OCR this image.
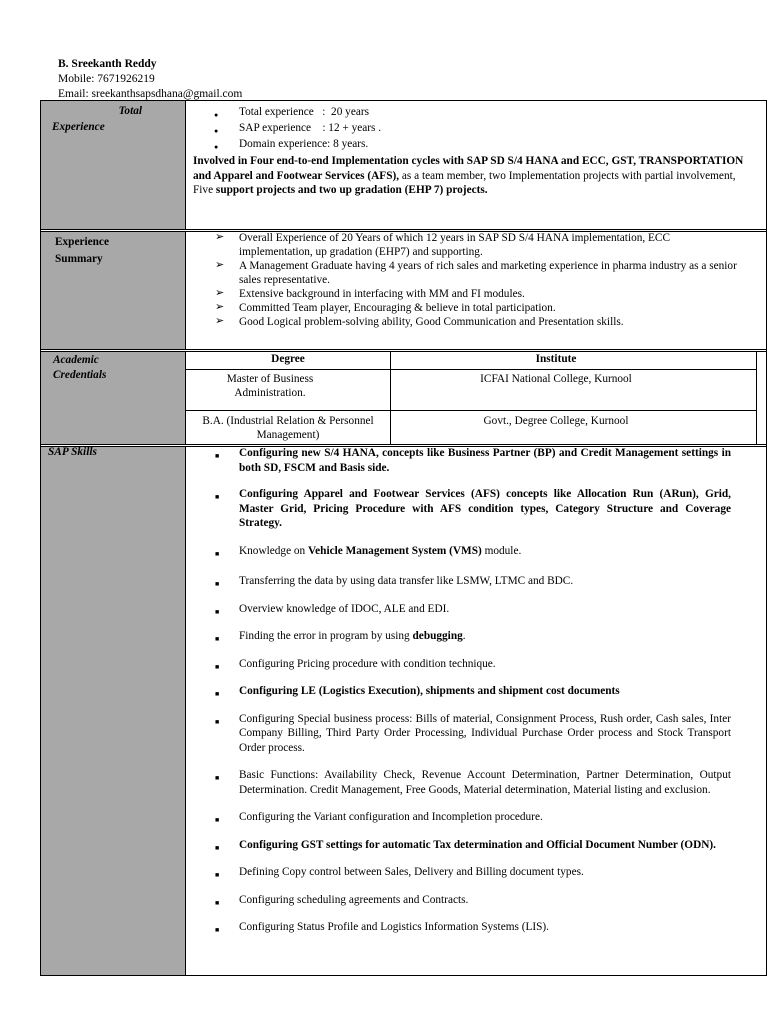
B. Sreekanth Reddy
Mobile: 7671926219
Email: sreekanthsapsdhana@gmail.com
Total
Experience
Experience
Summary
Academic
Credentials
SAP Skills
● Total experience   :  20 years
● SAP experience    : 12 + years .
● Domain experience: 8 years.
Involved in Four end-to-end Implementation cycles with SAP SD S/4 HANA and ECC, GST, TRANSPORTATION and Apparel and Footwear Services (AFS), as a team member, two Implementation projects with partial involvement, Five support projects and two up gradation (EHP 7) projects.
➢ Overall Experience of 20 Years of which 12 years in SAP SD S/4 HANA implementation, ECC implementation, up gradation (EHP7) and supporting.
➢ A Management Graduate having 4 years of rich sales and marketing experience in pharma industry as a senior sales representative.
➢ Extensive background in interfacing with MM and FI modules.
➢ Committed Team player, Encouraging & believe in total participation.
➢ Good Logical problem-solving ability, Good Communication and Presentation skills.
Degree	Institute
Master of Business Administration.
ICFAI National College, Kurnool
B.A. (Industrial Relation & Personnel Management)
Govt., Degree College, Kurnool
■ Configuring new S/4 HANA, concepts like Business Partner (BP) and Credit Management settings in both SD, FSCM and Basis side.
■ Configuring Apparel and Footwear Services (AFS) concepts like Allocation Run (ARun), Grid, Master Grid, Pricing Procedure with AFS condition types, Category Structure and Coverage Strategy.
■ Knowledge on Vehicle Management System (VMS) module.
■ Transferring the data by using data transfer like LSMW, LTMC and BDC.
■ Overview knowledge of IDOC, ALE and EDI.
■ Finding the error in program by using debugging.
■ Configuring Pricing procedure with condition technique.
■ Configuring LE (Logistics Execution), shipments and shipment cost documents
■ Configuring Special business process: Bills of material, Consignment Process, Rush order, Cash sales, Inter Company Billing, Third Party Order Processing, Individual Purchase Order process and Stock Transport Order process.
■ Basic Functions: Availability Check, Revenue Account Determination, Partner Determination, Output Determination. Credit Management, Free Goods, Material determination, Material listing and exclusion.
■ Configuring the Variant configuration and Incompletion procedure.
■ Configuring GST settings for automatic Tax determination and Official Document Number (ODN).
■ Defining Copy control between Sales, Delivery and Billing document types.
■ Configuring scheduling agreements and Contracts.
■ Configuring Status Profile and Logistics Information Systems (LIS).
